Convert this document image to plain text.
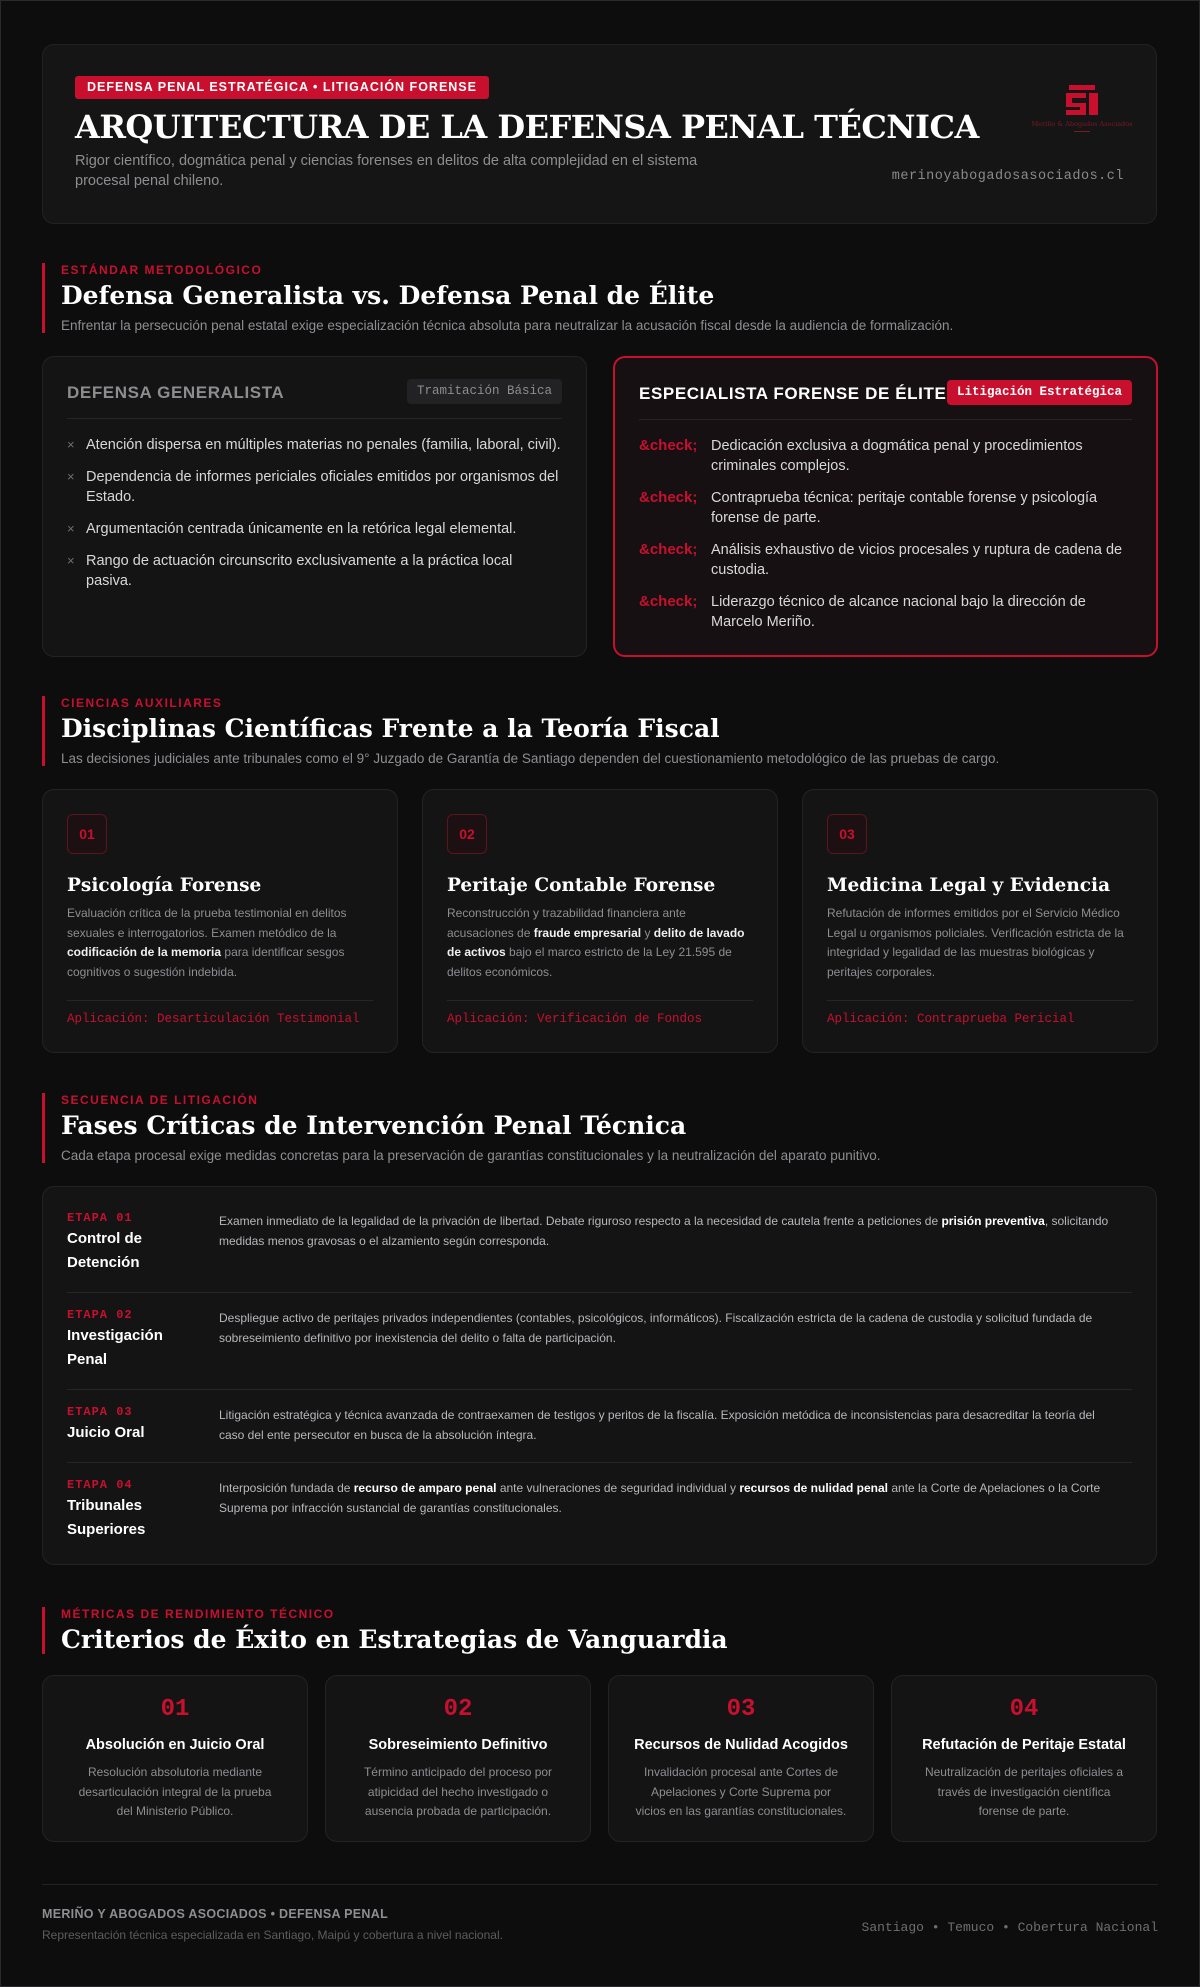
DEFENSA PENAL ESTRATÉGICA • LITIGACIÓN FORENSE
ARQUITECTURA DE LA DEFENSA PENAL TÉCNICA
Rigor científico, dogmática penal y ciencias forenses en delitos de alta complejidad en el sistema procesal penal chileno.
Meriño & Abogados Asociados
merinoyabogadosasociados.cl
ESTÁNDAR METODOLÓGICO
Defensa Generalista vs. Defensa Penal de Élite
Enfrentar la persecución penal estatal exige especialización técnica absoluta para neutralizar la acusación fiscal desde la audiencia de formalización.
DEFENSA GENERALISTA	Tramitación Básica
× Atención dispersa en múltiples materias no penales (familia, laboral, civil).
× Dependencia de informes periciales oficiales emitidos por organismos del Estado.
× Argumentación centrada únicamente en la retórica legal elemental.
× Rango de actuación circunscrito exclusivamente a la práctica local pasiva.
ESPECIALISTA FORENSE DE ÉLITE Litigación Estratégica
&check; Dedicación exclusiva a dogmática penal y procedimientos criminales complejos.
&check; Contraprueba técnica: peritaje contable forense y psicología forense de parte.
&check; Análisis exhaustivo de vicios procesales y ruptura de cadena de custodia.
&check; Liderazgo técnico de alcance nacional bajo la dirección de Marcelo Meriño.
CIENCIAS AUXILIARES
Disciplinas Científicas Frente a la Teoría Fiscal
Las decisiones judiciales ante tribunales como el 9° Juzgado de Garantía de Santiago dependen del cuestionamiento metodológico de las pruebas de cargo.
01
Psicología Forense
Evaluación crítica de la prueba testimonial en delitos sexuales e interrogatorios. Examen metódico de la codificación de la memoria para identificar sesgos cognitivos o sugestión indebida.
Aplicación: Desarticulación Testimonial
02
Peritaje Contable Forense
Reconstrucción y trazabilidad financiera ante acusaciones de fraude empresarial y delito de lavado de activos bajo el marco estricto de la Ley 21.595 de delitos económicos.
Aplicación: Verificación de Fondos
03
Medicina Legal y Evidencia
Refutación de informes emitidos por el Servicio Médico Legal u organismos policiales. Verificación estricta de la integridad y legalidad de las muestras biológicas y peritajes corporales.
Aplicación: Contraprueba Pericial
SECUENCIA DE LITIGACIÓN
Fases Críticas de Intervención Penal Técnica
Cada etapa procesal exige medidas concretas para la preservación de garantías constitucionales y la neutralización del aparato punitivo.
ETAPA 01
Control de Detención
Examen inmediato de la legalidad de la privación de libertad. Debate riguroso respecto a la necesidad de cautela frente a peticiones de prisión preventiva, solicitando medidas menos gravosas o el alzamiento según corresponda.
ETAPA 02
Investigación Penal
Despliegue activo de peritajes privados independientes (contables, psicológicos, informáticos). Fiscalización estricta de la cadena de custodia y solicitud fundada de sobreseimiento definitivo por inexistencia del delito o falta de participación.
ETAPA 03
Juicio Oral
Litigación estratégica y técnica avanzada de contraexamen de testigos y peritos de la fiscalía. Exposición metódica de inconsistencias para desacreditar la teoría del caso del ente persecutor en busca de la absolución íntegra.
ETAPA 04
Tribunales Superiores
Interposición fundada de recurso de amparo penal ante vulneraciones de seguridad individual y recursos de nulidad penal ante la Corte de Apelaciones o la Corte Suprema por infracción sustancial de garantías constitucionales.
MÉTRICAS DE RENDIMIENTO TÉCNICO
Criterios de Éxito en Estrategias de Vanguardia
01
Absolución en Juicio Oral
Resolución absolutoria mediante desarticulación integral de la prueba del Ministerio Público.
02
Sobreseimiento Definitivo
Término anticipado del proceso por atipicidad del hecho investigado o ausencia probada de participación.
03
Recursos de Nulidad Acogidos
Invalidación procesal ante Cortes de Apelaciones y Corte Suprema por vicios en las garantías constitucionales.
04
Refutación de Peritaje Estatal
Neutralización de peritajes oficiales a través de investigación científica forense de parte.
MERIÑO Y ABOGADOS ASOCIADOS • DEFENSA PENAL
Representación técnica especializada en Santiago, Maipú y cobertura a nivel nacional.	Santiago • Temuco • Cobertura Nacional
